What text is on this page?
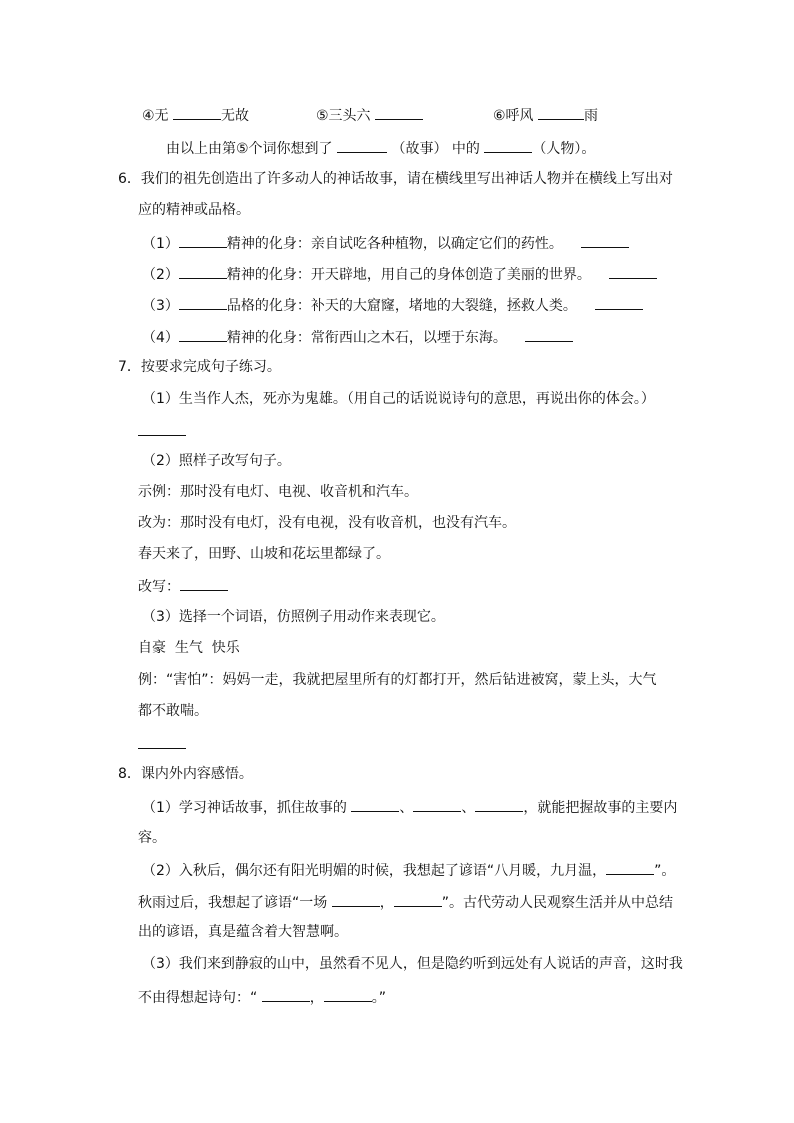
④无	无故	⑤三头六	⑥呼风	雨
由以上由第⑤个词你想到了	（故事） 中的	（人物）。
6．我们的祖先创造出了许多动人的神话故事，请在横线里写出神话人物并在横线上写出对
应的精神或品格。
（1）	精神的化身：亲自试吃各种植物，以确定它们的药性。
（2）	精神的化身：开天辟地，用自己的身体创造了美丽的世界。
（3）	品格的化身：补天的大窟窿，堵地的大裂缝，拯救人类。
（4）	精神的化身：常衔西山之木石，以堙于东海。
7．按要求完成句子练习。
（1）生当作人杰，死亦为鬼雄。（用自己的话说说诗句的意思，再说出你的体会。）
（2）照样子改写句子。
示例：那时没有电灯、电视、收音机和汽车。
改为：那时没有电灯，没有电视，没有收音机，也没有汽车。
春天来了，田野、山坡和花坛里都绿了。
改写：
（3）选择一个词语，仿照例子用动作来表现它。
自豪  生气  快乐
例：“害怕”：妈妈一走，我就把屋里所有的灯都打开，然后钻进被窝，蒙上头，大气
都不敢喘。
8．课内外内容感悟。
（1）学习神话故事，抓住故事的	、	、	，就能把握故事的主要内
容。
（2）入秋后，偶尔还有阳光明媚的时候，我想起了谚语“八月暖，九月温，	”。
秋雨过后，我想起了谚语“一场	，	”。古代劳动人民观察生活并从中总结
出的谚语，真是蕴含着大智慧啊。
（3）我们来到静寂的山中，虽然看不见人，但是隐约听到远处有人说话的声音，这时我
不由得想起诗句：“	，	。”
